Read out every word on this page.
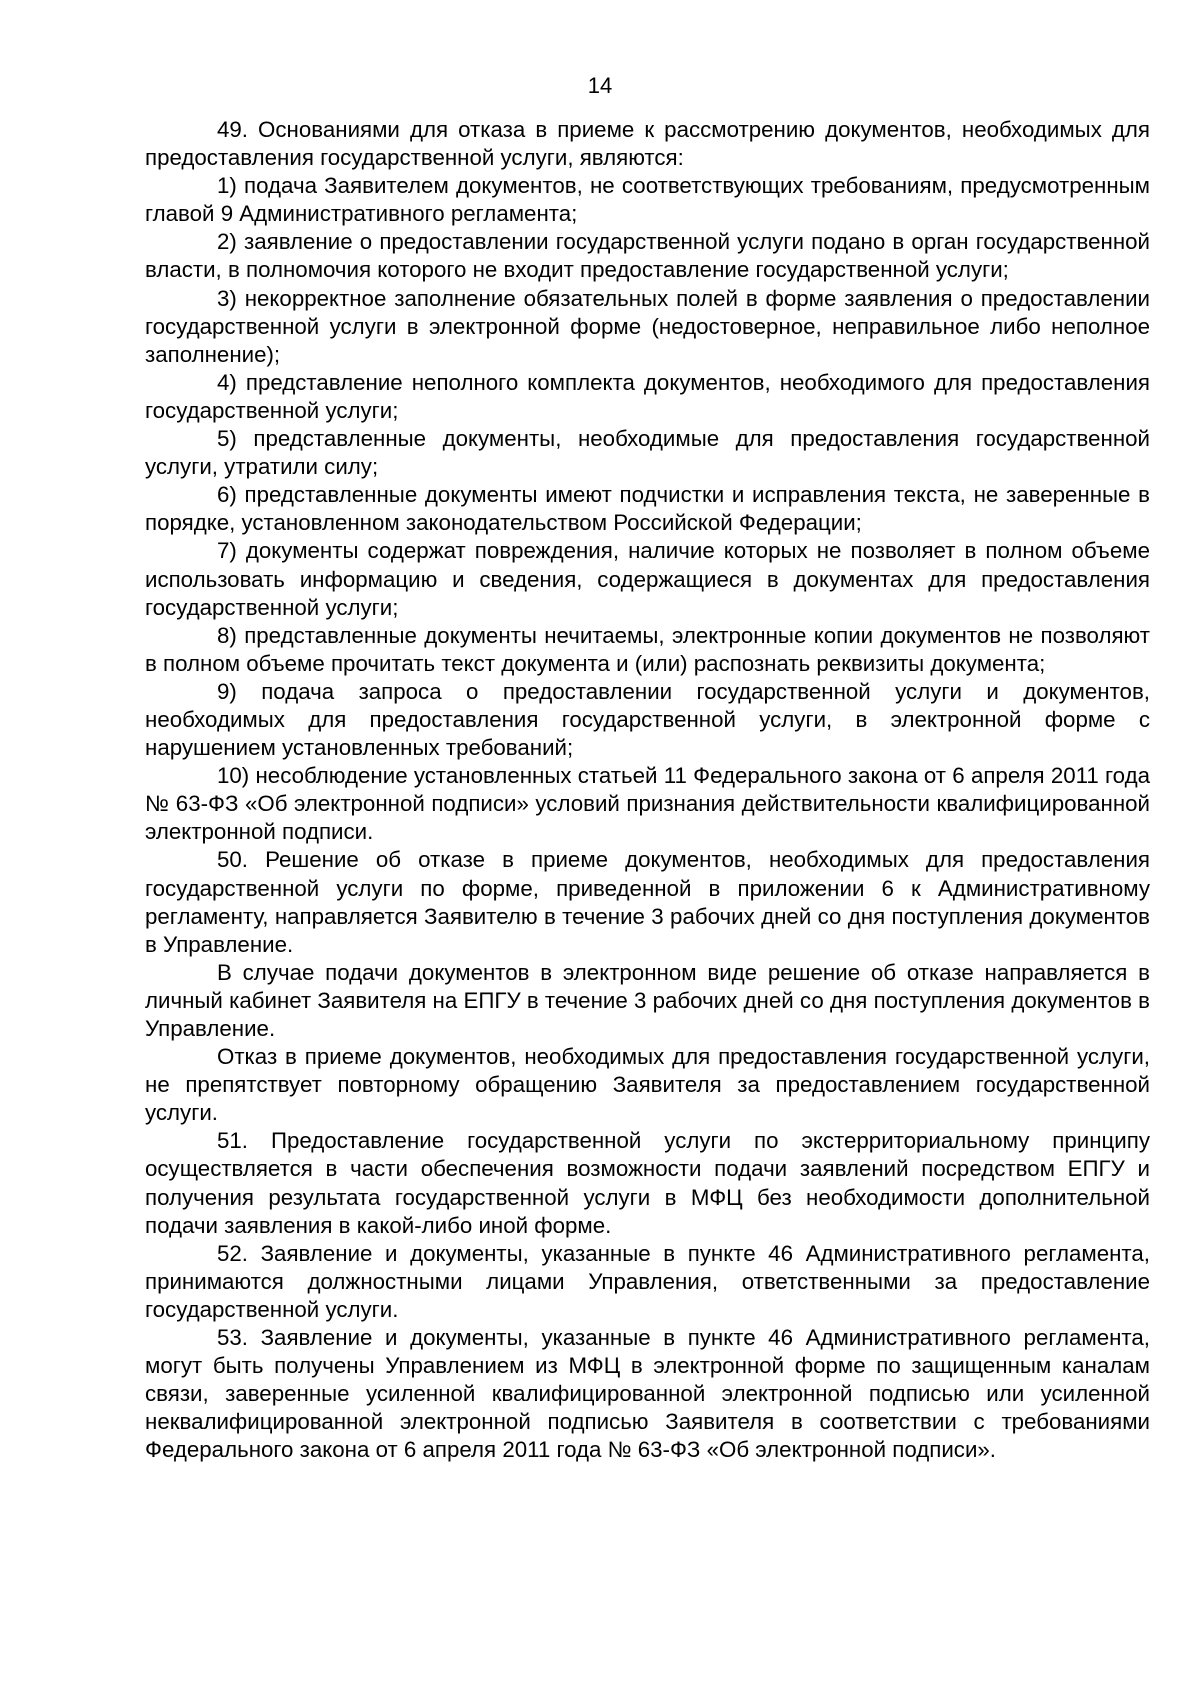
14

49. Основаниями для отказа в приеме к рассмотрению документов, необходимых для предоставления государственной услуги, являются:

1) подача Заявителем документов, не соответствующих требованиям, предусмотренным главой 9 Административного регламента;

2) заявление о предоставлении государственной услуги подано в орган государственной власти, в полномочия которого не входит предоставление государственной услуги;

3) некорректное заполнение обязательных полей в форме заявления о предоставлении государственной услуги в электронной форме (недостоверное, неправильное либо неполное заполнение);

4) представление неполного комплекта документов, необходимого для предоставления государственной услуги;

5) представленные документы, необходимые для предоставления государственной услуги, утратили силу;

6) представленные документы имеют подчистки и исправления текста, не заверенные в порядке, установленном законодательством Российской Федерации;

7) документы содержат повреждения, наличие которых не позволяет в полном объеме использовать информацию и сведения, содержащиеся в документах для предоставления государственной услуги;

8) представленные документы нечитаемы, электронные копии документов не позволяют в полном объеме прочитать текст документа и (или) распознать реквизиты документа;

9) подача запроса о предоставлении государственной услуги и документов, необходимых для предоставления государственной услуги, в электронной форме с нарушением установленных требований;

10) несоблюдение установленных статьей 11 Федерального закона от 6 апреля 2011 года № 63-ФЗ «Об электронной подписи» условий признания действительности квалифицированной электронной подписи.

50. Решение об отказе в приеме документов, необходимых для предоставления государственной услуги по форме, приведенной в приложении 6 к Административному регламенту, направляется Заявителю в течение 3 рабочих дней со дня поступления документов в Управление.

В случае подачи документов в электронном виде решение об отказе направляется в личный кабинет Заявителя на ЕПГУ в течение 3 рабочих дней со дня поступления документов в Управление.

Отказ в приеме документов, необходимых для предоставления государственной услуги, не препятствует повторному обращению Заявителя за предоставлением государственной услуги.

51. Предоставление государственной услуги по экстерриториальному принципу осуществляется в части обеспечения возможности подачи заявлений посредством ЕПГУ и получения результата государственной услуги в МФЦ без необходимости дополнительной подачи заявления в какой-либо иной форме.

52. Заявление и документы, указанные в пункте 46 Административного регламента, принимаются должностными лицами Управления, ответственными за предоставление государственной услуги.

53. Заявление и документы, указанные в пункте 46 Административного регламента, могут быть получены Управлением из МФЦ в электронной форме по защищенным каналам связи, заверенные усиленной квалифицированной электронной подписью или усиленной неквалифицированной электронной подписью Заявителя в соответствии с требованиями Федерального закона от 6 апреля 2011 года № 63-ФЗ «Об электронной подписи».
